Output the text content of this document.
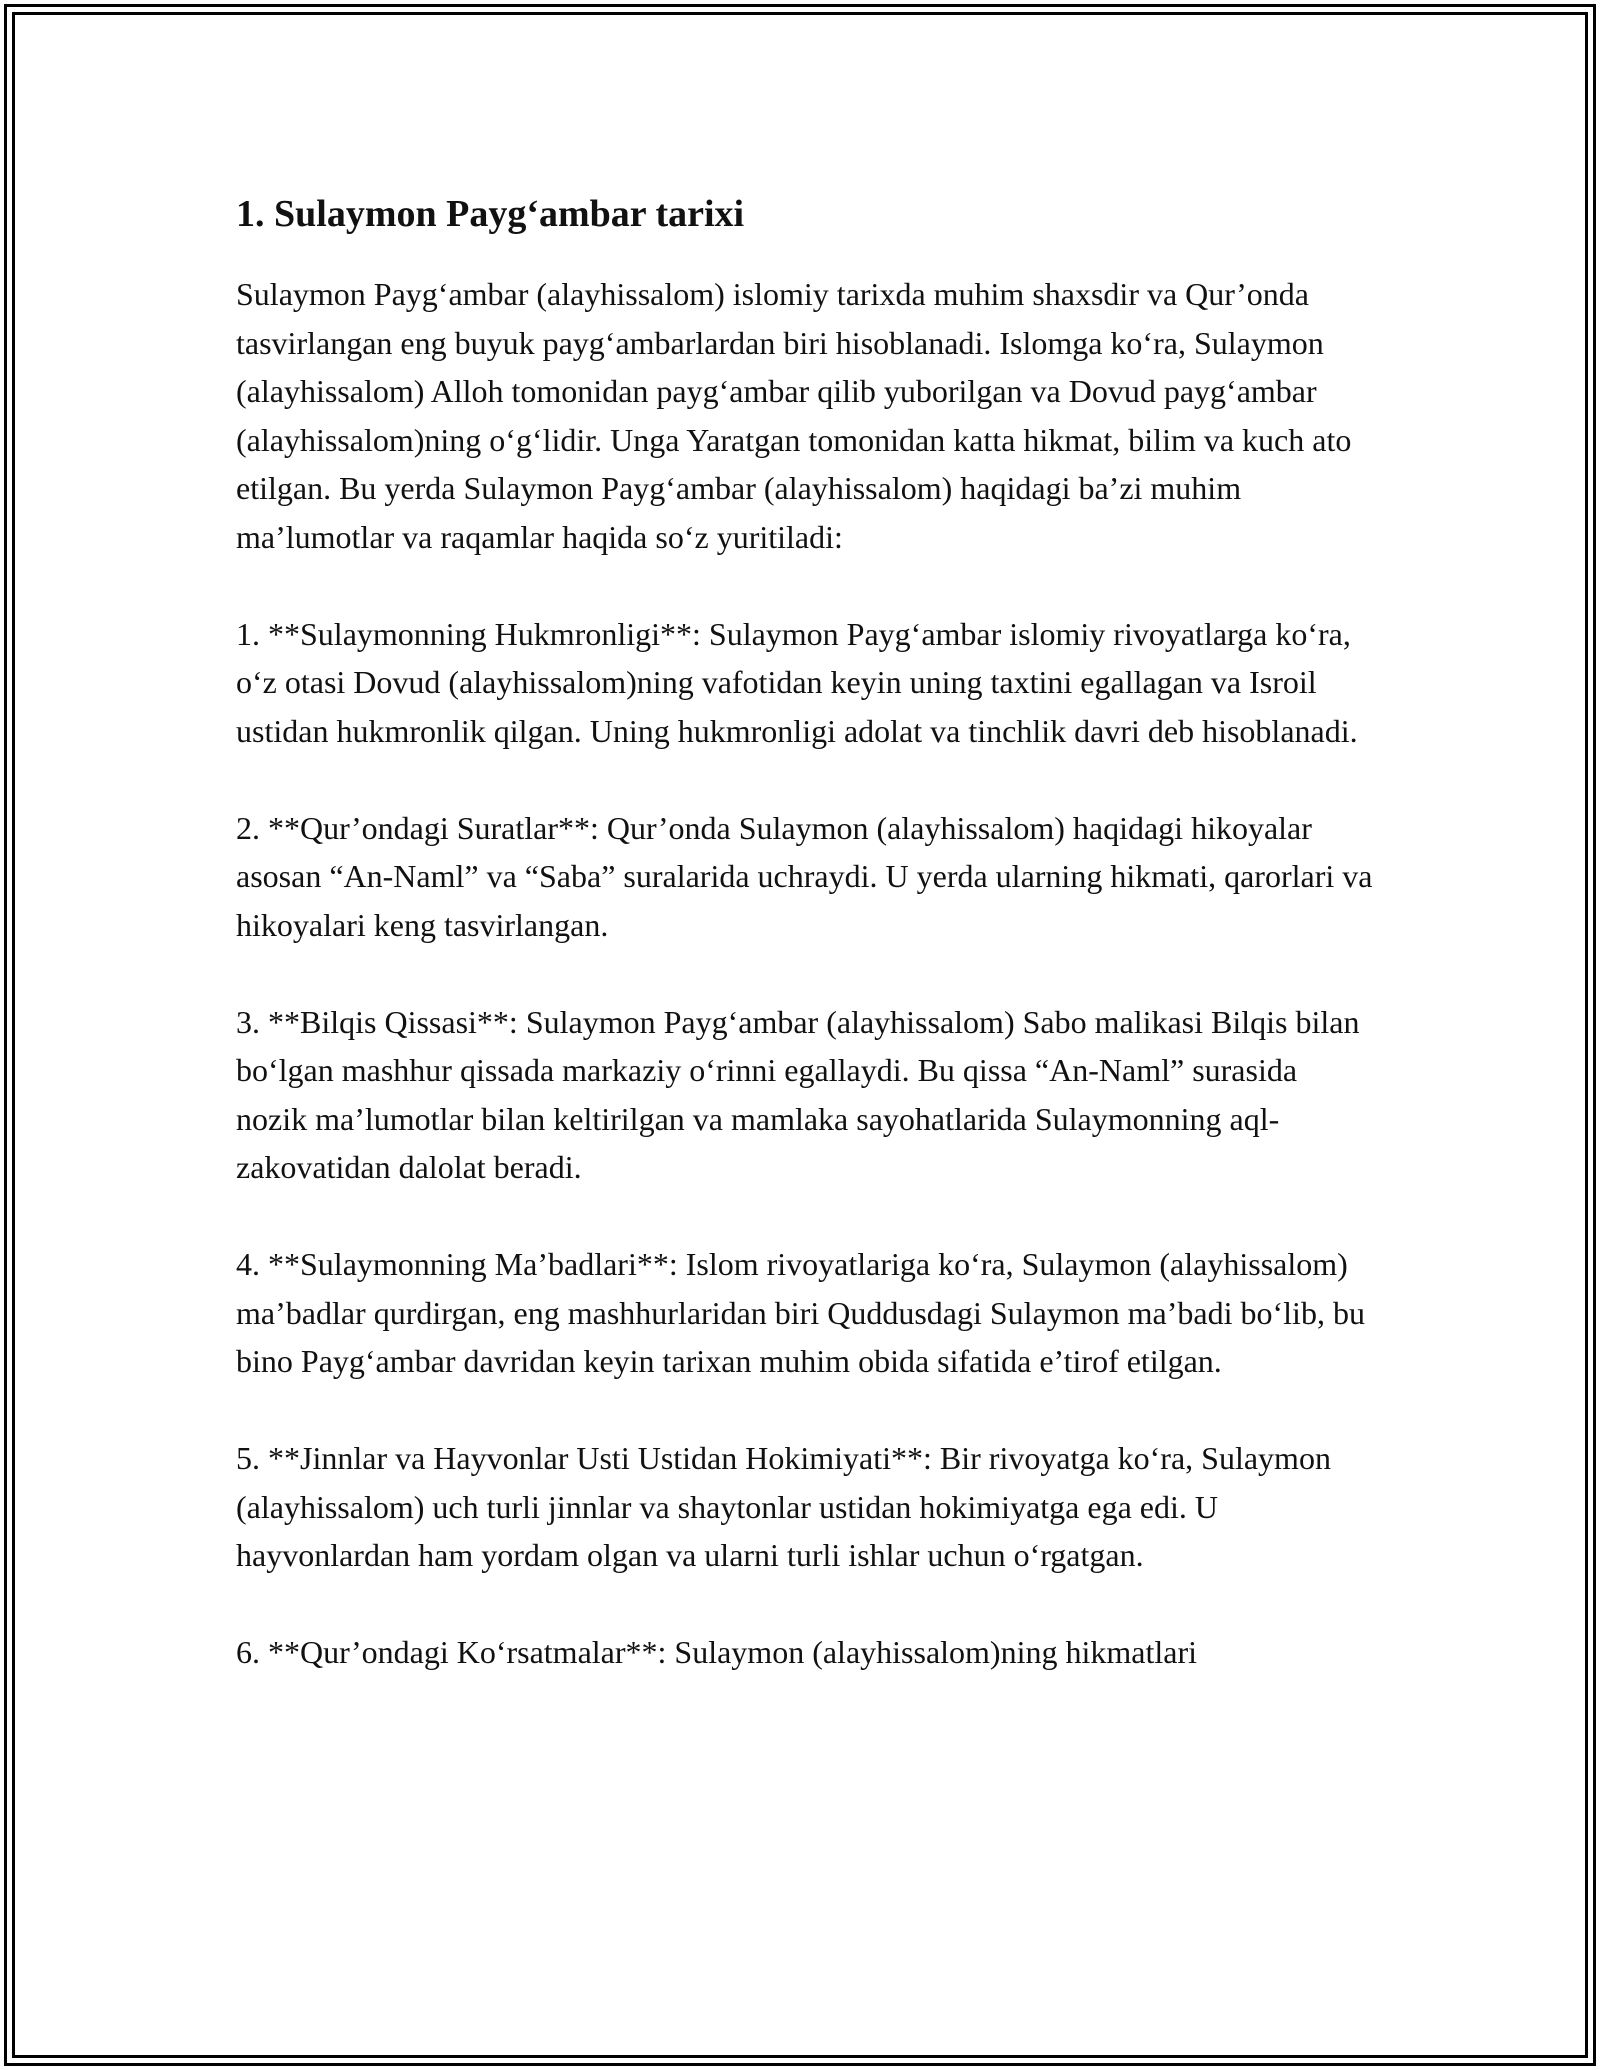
1. Sulaymon Payg‘ambar tarixi

Sulaymon Payg‘ambar (alayhissalom) islomiy tarixda muhim shaxsdir va Qur’onda tasvirlangan eng buyuk payg‘ambarlardan biri hisoblanadi. Islomga ko‘ra, Sulaymon (alayhissalom) Alloh tomonidan payg‘ambar qilib yuborilgan va Dovud payg‘ambar (alayhissalom)ning o‘g‘lidir. Unga Yaratgan tomonidan katta hikmat, bilim va kuch ato etilgan. Bu yerda Sulaymon Payg‘ambar (alayhissalom) haqidagi ba’zi muhim ma’lumotlar va raqamlar haqida so‘z yuritiladi:

1. **Sulaymonning Hukmronligi**: Sulaymon Payg‘ambar islomiy rivoyatlarga ko‘ra, o‘z otasi Dovud (alayhissalom)ning vafotidan keyin uning taxtini egallagan va Isroil ustidan hukmronlik qilgan. Uning hukmronligi adolat va tinchlik davri deb hisoblanadi.

2. **Qur’ondagi Suratlar**: Qur’onda Sulaymon (alayhissalom) haqidagi hikoyalar asosan “An-Naml” va “Saba” suralarida uchraydi. U yerda ularning hikmati, qarorlari va hikoyalari keng tasvirlangan.

3. **Bilqis Qissasi**: Sulaymon Payg‘ambar (alayhissalom) Sabo malikasi Bilqis bilan bo‘lgan mashhur qissada markaziy o‘rinni egallaydi. Bu qissa “An-Naml” surasida nozik ma’lumotlar bilan keltirilgan va mamlaka sayohatlarida Sulaymonning aql-zakovatidan dalolat beradi.

4. **Sulaymonning Ma’badlari**: Islom rivoyatlariga ko‘ra, Sulaymon (alayhissalom) ma’badlar qurdirgan, eng mashhurlaridan biri Quddusdagi Sulaymon ma’badi bo‘lib, bu bino Payg‘ambar davridan keyin tarixan muhim obida sifatida e’tirof etilgan.

5. **Jinnlar va Hayvonlar Usti Ustidan Hokimiyati**: Bir rivoyatga ko‘ra, Sulaymon (alayhissalom) uch turli jinnlar va shaytonlar ustidan hokimiyatga ega edi. U hayvonlardan ham yordam olgan va ularni turli ishlar uchun o‘rgatgan.

6. **Qur’ondagi Ko‘rsatmalar**: Sulaymon (alayhissalom)ning hikmatlari
